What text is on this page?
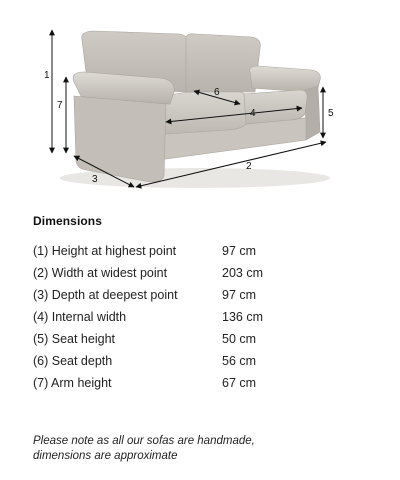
1
7
3
2
5
4
6
Dimensions
(1) Height at highest point	97 cm
(2) Width at widest point	203 cm
(3) Depth at deepest point	97 cm
(4) Internal width	136 cm
(5) Seat height	50 cm
(6) Seat depth	56 cm
(7) Arm height	67 cm
Please note as all our sofas are handmade,
dimensions are approximate
